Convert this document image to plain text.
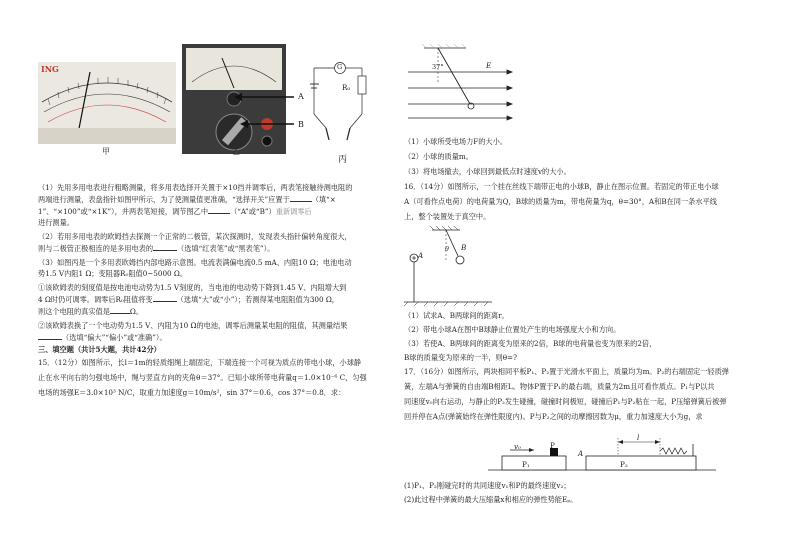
ING
甲	乙
A
B
G
R₀
丙
（1）先用多用电表进行粗略测量，将多用表选择开关置于×10挡并调零后，两表笔接触待测电阻的
两端进行测量，表盘指针如图甲所示，为了使测量值更准确，“选择开关”应置于	（填“×
1”、“×100”或“×1K”），并两表笔短接，调节图乙中	（“A”或“B”）重新调零后
进行测量。
（2）若用多用电表的欧姆挡去探测一个正常的二极管，某次探测时，发现表头指针偏转角度很大，
则与二极管正极相连的是多用电表的	（选填“红表笔”或“黑表笔”）。
（3）如图丙是一个多用表欧姆挡内部电路示意图。电流表满偏电流0.5 mA、内阻10 Ω；电池电动
势1.5 V内阻1 Ω；变阻器R₀阻值0~5000 Ω。
①该欧姆表的刻度值是按电池电动势为1.5 V刻度的，当电池的电动势下降到1.45 V、内阻增大到
4 Ω时仍可调零。调零后R₀阻值将变	（选填“大”或“小”）；若测得某电阻阻值为300 Ω，
则这个电阻的真实值是	Ω。
②该欧姆表换了一个电动势为1.5 V、内阻为10 Ω的电池，调零后测量某电阻的阻值，其测量结果
（选填“偏大”“偏小”或“准确”）。
三、填空题（共计5大题，共计42分）
15．（12分）如图所示，长l＝1m的轻质细绳上端固定，下端连接一个可视为质点的带电小球，小球静
止在水平向右的匀强电场中，绳与竖直方向的夹角θ＝37°。已知小球所带电荷量q＝1.0×10⁻⁶ C，匀强
电场的场强E＝3.0×10³ N/C，取重力加速度g＝10m/s²，sin 37°＝0.6，cos 37°＝0.8．求：
37°	E
A
B
θ
P
v₀
P₁	P₂
A
l
（1）小球所受电场力F的大小。
（2）小球的质量m。
（3）将电场撤去，小球回到最低点时速度v的大小。
16．（14分）如图所示，一个挂在丝线下端带正电的小球B，静止在图示位置。若固定的带正电小球
A（可看作点电荷）的电荷量为Q，B球的质量为m，带电荷量为q，θ=30°，A和B在同一条水平线
上，整个装置处于真空中。
（1）试求A、B两球间的距离r。
（2）带电小球A在图中B球静止位置处产生的电场强度大小和方向。
（3）若使A、B两球间的距离变为原来的2倍，B球的电荷量也变为原来的2倍，
B球的质量变为原来的一半，则θ=?
17．（16分）如图所示，两块相同平板P₁、P₂置于光滑水平面上，质量均为m。P₂的右端固定一轻质弹
簧，左端A与弹簧的自由端B相距L。物体P置于P₁的最右端，质量为2m且可看作质点。P₁与P以共
同速度v₀向右运动，与静止的P₂发生碰撞，碰撞时间极短，碰撞后P₁与P₂粘在一起，P压缩弹簧后被弹
回并停在A点(弹簧始终在弹性限度内)。P与P₂之间的动摩擦因数为μ，重力加速度大小为g，求
(1)P₁、P₂刚碰完时的共同速度v₁和P的最终速度v₂；
(2)此过程中弹簧的最大压缩量x和相应的弹性势能Eₚ。
